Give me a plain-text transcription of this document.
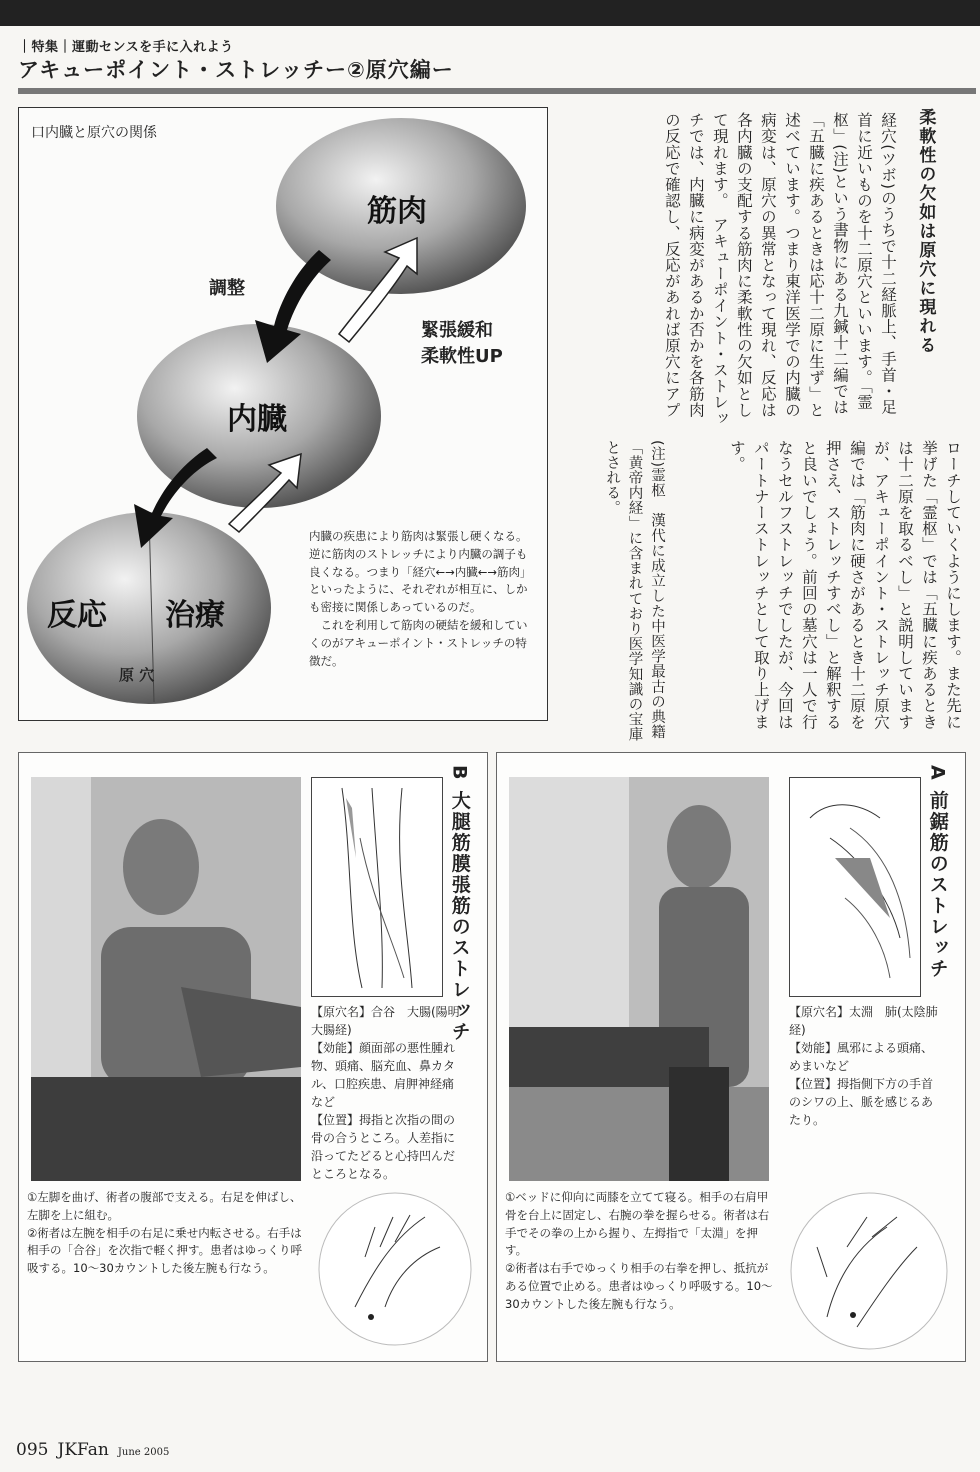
｜特集｜運動センスを手に入れよう
アキューポイント・ストレッチー②原穴編ー
口内臓と原穴の関係
筋肉
内臓
反応 治療
原 穴
調整
緊張緩和
柔軟性UP
内臓の疾患により筋肉は緊張し硬くなる。逆に筋肉のストレッチにより内臓の調子も良くなる。つまり「経穴←→内臓←→筋肉」といったように、それぞれが相互に、しかも密接に関係しあっているのだ。
これを利用して筋肉の硬結を緩和していくのがアキューポイント・ストレッチの特徴だ。
柔軟性の欠如は原穴に現れる
経穴(ツボ)のうちで十二経脈上、手首・足首に近いものを十二原穴といいます。「霊枢」(注)という書物にある九鍼十二編では「五臓に疾あるときは応十二原に生ず」と述べています。つまり東洋医学での内臓の病変は、原穴の異常となって現れ、反応は各内臓の支配する筋肉に柔軟性の欠如として現れます。　アキューポイント・ストレッチでは、内臓に病変があるか否かを各筋肉の反応で確認し、反応があれば原穴にアプ
ローチしていくようにします。また先に挙げた「霊枢」では「五臓に疾あるときは十二原を取るべし」と説明していますが、アキューポイント・ストレッチ原穴編では「筋肉に硬さがあるとき十二原を押さえ、ストレッチすべし」と解釈すると良いでしょう。前回の墓穴は一人で行なうセルフストレッチでしたが、今回はパートナーストレッチとして取り上げます。
(注)霊枢　漢代に成立した中医学最古の典籍「黄帝内経」に含まれており医学知識の宝庫とされる。
B 大腿筋膜張筋のストレッチ

【原穴名】合谷　大腸(陽明大腸経)

【効能】顔面部の悪性腫れ物、頭痛、脳充血、鼻カタル、口腔疾患、肩胛神経痛など

【位置】拇指と次指の間の骨の合うところ。人差指に沿ってたどると心持凹んだところとなる。

①左脚を曲げ、術者の腹部で支える。右足を伸ばし、左脚を上に組む。

②術者は左腕を相手の右足に乗せ内転させる。右手は相手の「合谷」を次指で軽く押す。患者はゆっくり呼吸する。10～30カウントした後左腕も行なう。

A 前鋸筋のストレッチ

【原穴名】太淵　肺(太陰肺経)

【効能】風邪による頭痛、めまいなど

【位置】拇指側下方の手首のシワの上、脈を感じるあたり。

①ベッドに仰向に両膝を立てて寝る。相手の右肩甲骨を台上に固定し、右腕の拳を握らせる。術者は右手でその拳の上から握り、左拇指で「太淵」を押す。

②術者は右手でゆっくり相手の右拳を押し、抵抗がある位置で止める。患者はゆっくり呼吸する。10～30カウントした後左腕も行なう。

095 JKFan June 2005
